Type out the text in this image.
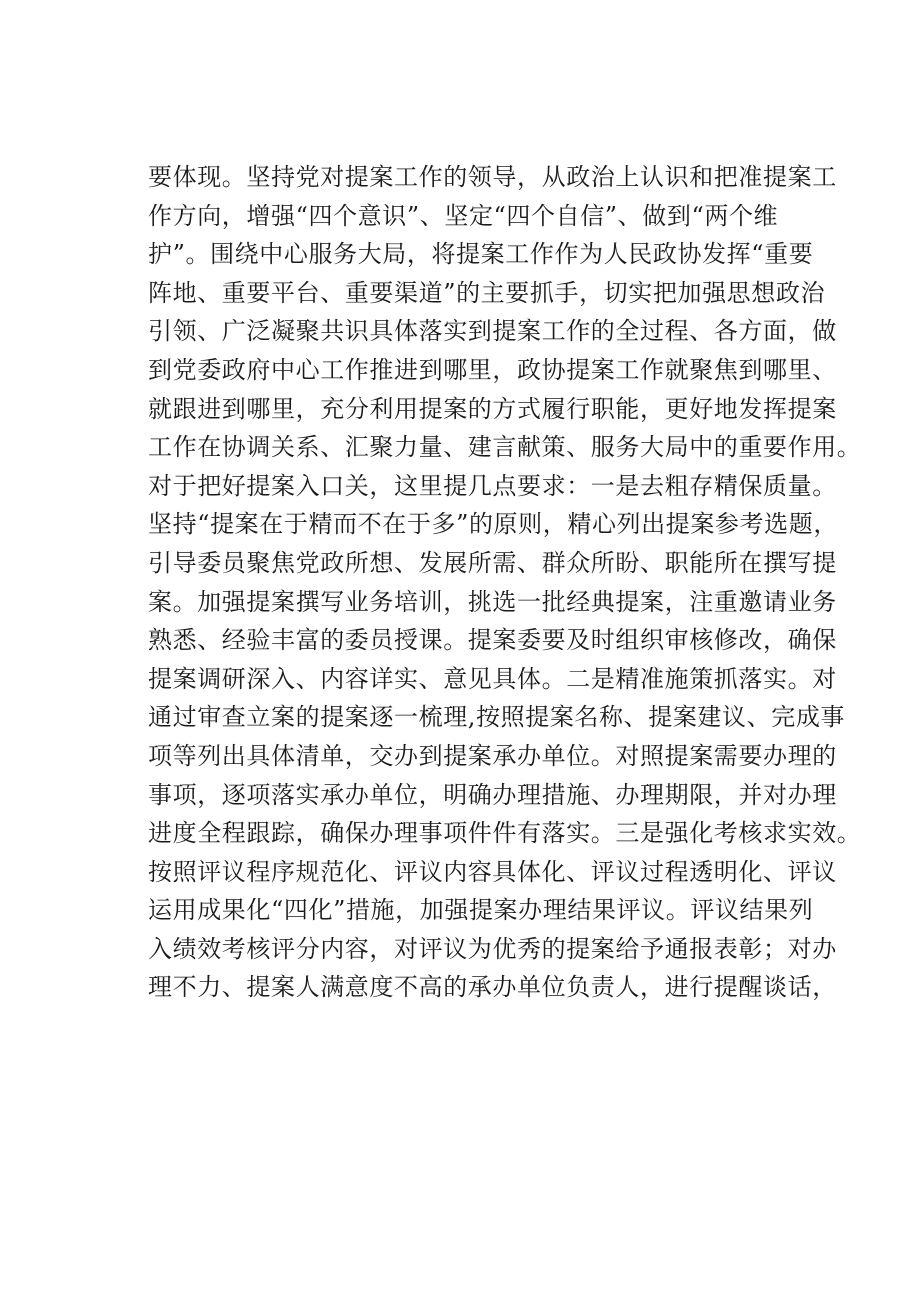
要体现。坚持党对提案工作的领导，从政治上认识和把准提案工
作方向，增强“四个意识”、坚定“四个自信”、做到“两个维
护”。围绕中心服务大局，将提案工作作为人民政协发挥“重要
阵地、重要平台、重要渠道”的主要抓手，切实把加强思想政治
引领、广泛凝聚共识具体落实到提案工作的全过程、各方面，做
到党委政府中心工作推进到哪里，政协提案工作就聚焦到哪里、
就跟进到哪里，充分利用提案的方式履行职能，更好地发挥提案
工作在协调关系、汇聚力量、建言献策、服务大局中的重要作用。
对于把好提案入口关，这里提几点要求：一是去粗存精保质量。
坚持“提案在于精而不在于多”的原则，精心列出提案参考选题，
引导委员聚焦党政所想、发展所需、群众所盼、职能所在撰写提
案。加强提案撰写业务培训，挑选一批经典提案，注重邀请业务
熟悉、经验丰富的委员授课。提案委要及时组织审核修改，确保
提案调研深入、内容详实、意见具体。二是精准施策抓落实。对
通过审查立案的提案逐一梳理,按照提案名称、提案建议、完成事
项等列出具体清单，交办到提案承办单位。对照提案需要办理的
事项，逐项落实承办单位，明确办理措施、办理期限，并对办理
进度全程跟踪，确保办理事项件件有落实。三是强化考核求实效。
按照评议程序规范化、评议内容具体化、评议过程透明化、评议
运用成果化“四化”措施，加强提案办理结果评议。评议结果列
入绩效考核评分内容，对评议为优秀的提案给予通报表彰；对办
理不力、提案人满意度不高的承办单位负责人，进行提醒谈话，
